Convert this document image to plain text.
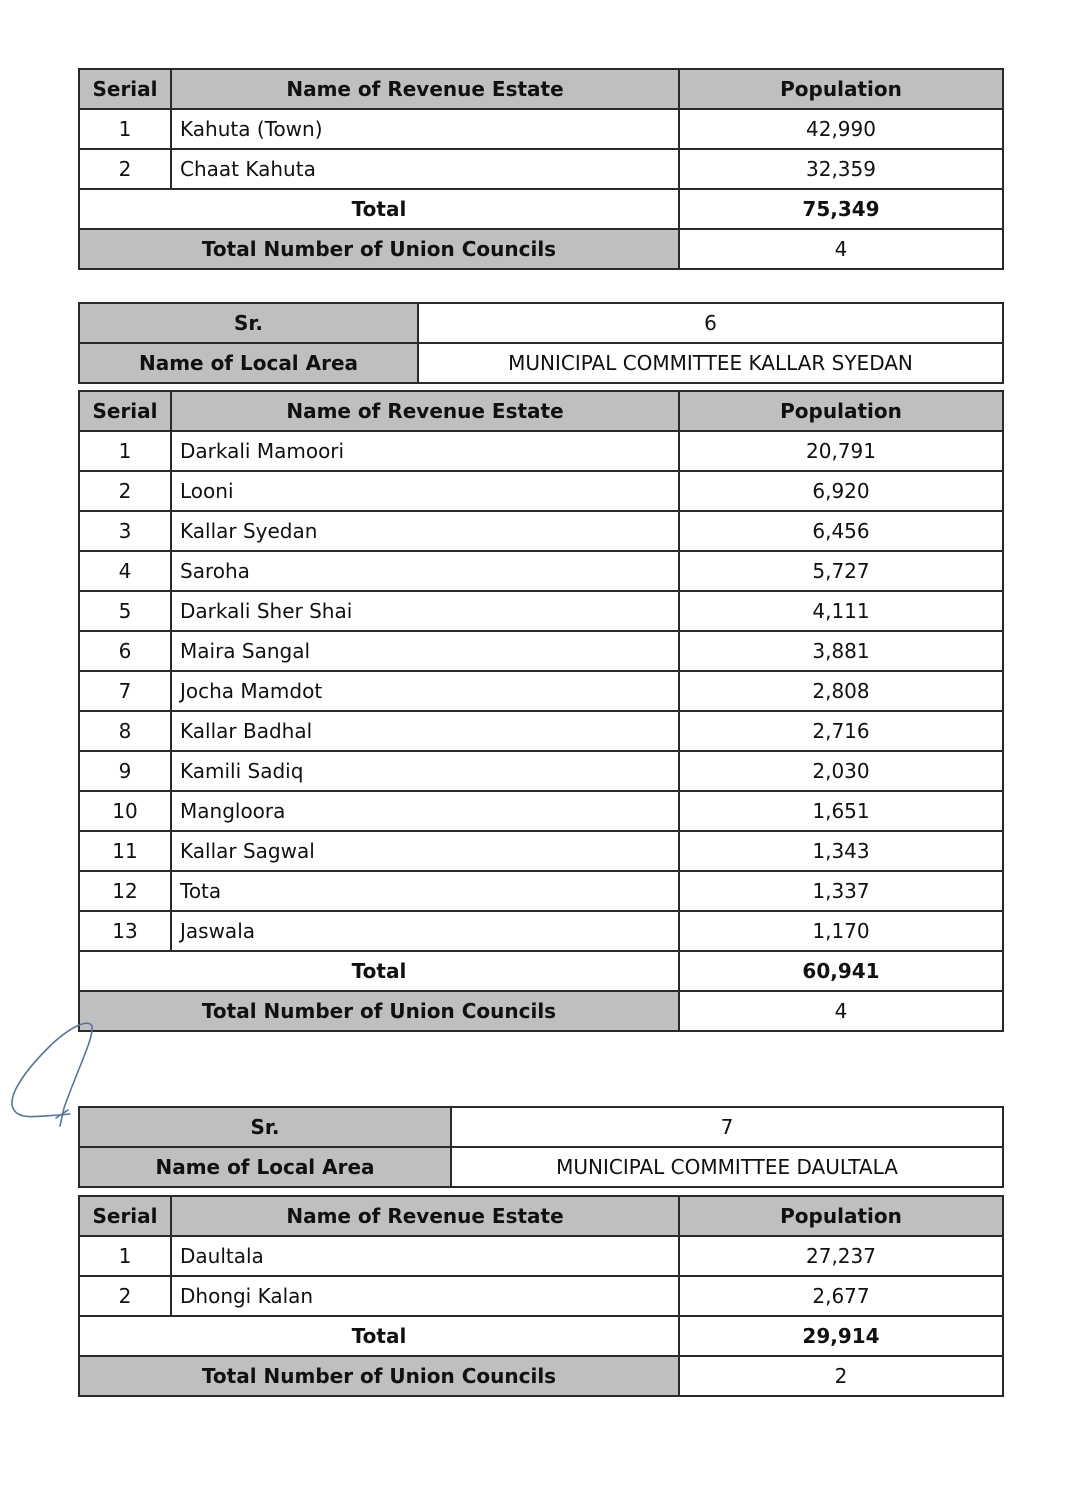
Serial	Name of Revenue Estate	Population
1	Kahuta (Town)	42,990
2	Chaat Kahuta	32,359
Total		75,349
Total Number of Union Councils		4
Sr.	6
Name of Local Area	MUNICIPAL COMMITTEE KALLAR SYEDAN
Serial	Name of Revenue Estate	Population
1	Darkali Mamoori	20,791
2	Looni	6,920
3	Kallar Syedan	6,456
4	Saroha	5,727
5	Darkali Sher Shai	4,111
6	Maira Sangal	3,881
7	Jocha Mamdot	2,808
8	Kallar Badhal	2,716
9	Kamili Sadiq	2,030
10	Mangloora	1,651
11	Kallar Sagwal	1,343
12	Tota	1,337
13	Jaswala	1,170
Total		60,941
Total Number of Union Councils		4
Sr.	7
Name of Local Area	MUNICIPAL COMMITTEE DAULTALA
Serial	Name of Revenue Estate	Population
1	Daultala	27,237
2	Dhongi Kalan	2,677
Total		29,914
Total Number of Union Councils		2
